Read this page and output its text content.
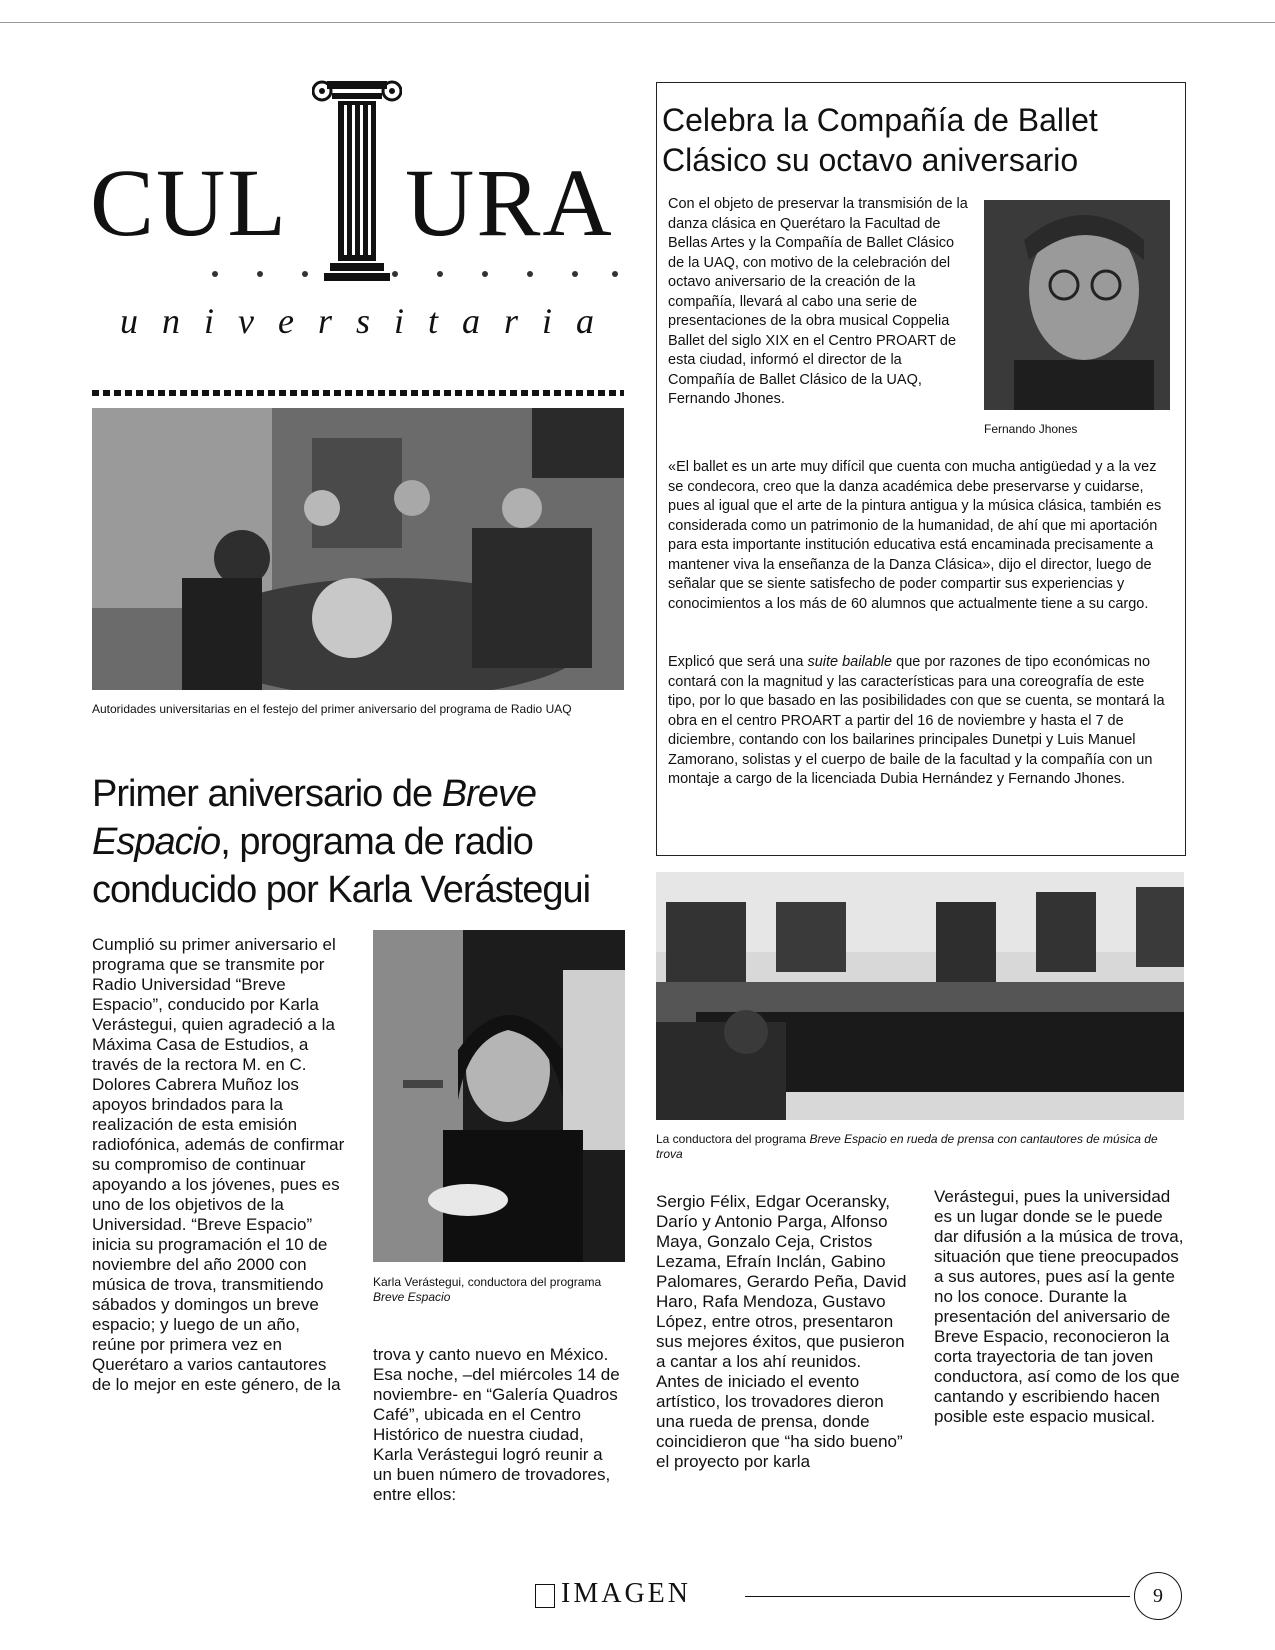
CUL URA
universitaria
Autoridades universitarias en el festejo del primer aniversario del programa de Radio UAQ
Celebra la Compañía de Ballet
Clásico su octavo aniversario
Con el objeto de preservar la transmisión de la danza clásica en Querétaro la Facultad de Bellas Artes y la Compañía de Ballet Clásico de la UAQ, con motivo de la celebración del octavo aniversario de la creación de la compañía, llevará al cabo una serie de presentaciones de la obra musical Coppelia Ballet del siglo XIX en el Centro PROART de esta ciudad, informó el director de la Compañía de Ballet Clásico de la UAQ, Fernando Jhones.
Fernando Jhones
«El ballet es un arte muy difícil que cuenta con mucha antigüedad y a la vez se condecora, creo que la danza académica debe preservarse y cuidarse, pues al igual que el arte de la pintura antigua y la música clásica, también es considerada como un patrimonio de la humanidad, de ahí que mi aportación para esta importante institución educativa está encaminada precisamente a mantener viva la enseñanza de la Danza Clásica», dijo el director, luego de señalar que se siente satisfecho de poder compartir sus experiencias y conocimientos a los más de 60 alumnos que actualmente tiene a su cargo.
Explicó que será una suite bailable que por razones de tipo económicas no contará con la magnitud y las características para una coreografía de este tipo, por lo que basado en las posibilidades con que se cuenta, se montará la obra en el centro PROART a partir del 16 de noviembre y hasta el 7 de diciembre, contando con los bailarines principales Dunetpi y Luis Manuel Zamorano, solistas y el cuerpo de baile de la facultad y la compañía con un montaje a cargo de la licenciada Dubia Hernández y Fernando Jhones.
Primer aniversario de Breve Espacio, programa de radio conducido por Karla Verástegui
Cumplió su primer aniversario el programa que se transmite por Radio Universidad “Breve Espacio”, conducido por Karla Verástegui, quien agradeció a la Máxima Casa de Estudios, a través de la rectora M. en C. Dolores Cabrera Muñoz los apoyos brindados para la realización de esta emisión radiofónica, además de confirmar su compromiso de continuar apoyando a los jóvenes, pues es uno de los objetivos de la Universidad. “Breve Espacio” inicia su programación el 10 de noviembre del año 2000 con música de trova, transmitiendo sábados y domingos un breve espacio; y luego de un año, reúne por primera vez en Querétaro a varios cantautores de lo mejor en este género, de la
Karla Verástegui, conductora del programa Breve Espacio
trova y canto nuevo en México. Esa noche, –del miércoles 14 de noviembre- en “Galería Quadros Café”, ubicada en el Centro Histórico de nuestra ciudad, Karla Verástegui logró reunir a un buen número de trovadores, entre ellos:
La conductora del programa Breve Espacio en rueda de prensa con cantautores de música de trova
Sergio Félix, Edgar Oceransky, Darío y Antonio Parga, Alfonso Maya, Gonzalo Ceja, Cristos Lezama, Efraín Inclán, Gabino Palomares, Gerardo Peña, David Haro, Rafa Mendoza, Gustavo López, entre otros, presentaron sus mejores éxitos, que pusieron a cantar a los ahí reunidos. Antes de iniciado el evento artístico, los trovadores dieron una rueda de prensa, donde coincidieron que “ha sido bueno” el proyecto por karla
Verástegui, pues la universidad es un lugar donde se le puede dar difusión a la música de trova, situación que tiene preocupados a sus autores, pues así la gente no los conoce. Durante la presentación del aniversario de Breve Espacio, reconocieron la corta trayectoria de tan joven conductora, así como de los que cantando y escribiendo hacen posible este espacio musical.
IMAGEN	9
